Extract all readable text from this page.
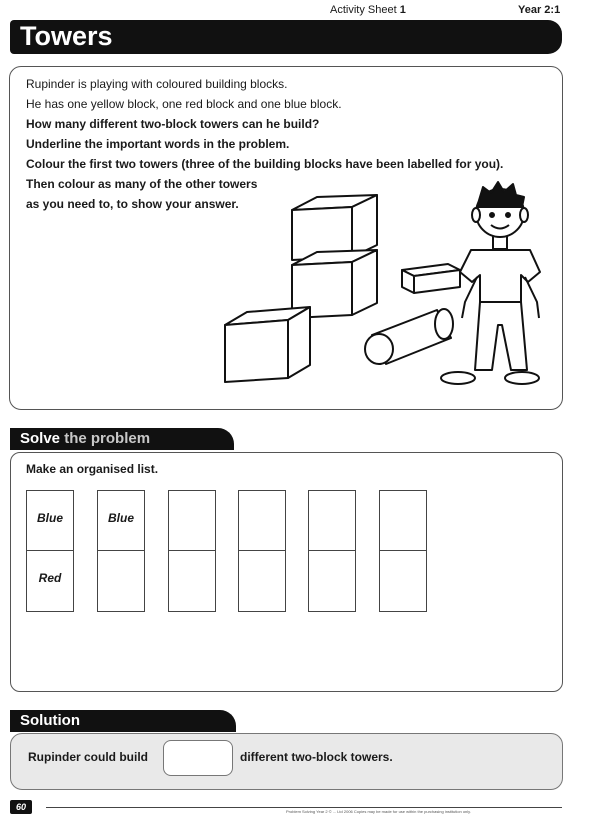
Activity Sheet 1	Year 2:1
Towers
Rupinder is playing with coloured building blocks.
He has one yellow block, one red block and one blue block.
How many different two-block towers can he build?
Underline the important words in the problem.
Colour the first two towers (three of the building blocks have been labelled for you).
Then colour as many of the other towers
as you need to, to show your answer.
Solve the problem
Make an organised list.
Blue
Red
Blue
Solution
Rupinder could build	different two-block towers.
60	Problem Solving Year 2 © ... Ltd 2006 Copies may be made for use within the purchasing institution only.
